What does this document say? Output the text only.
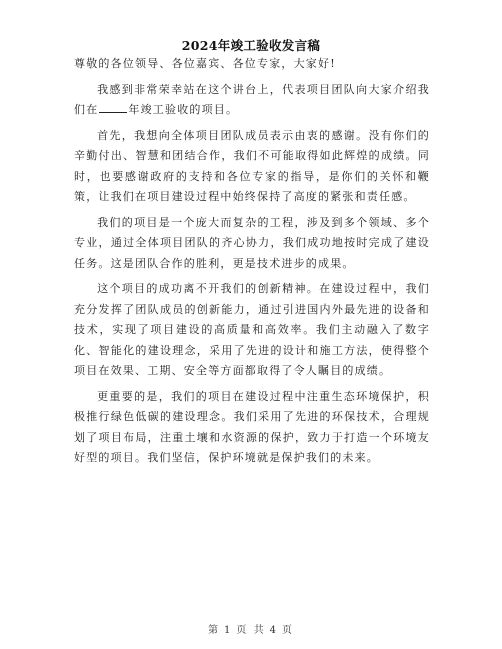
2024年竣工验收发言稿

尊敬的各位领导、各位嘉宾、各位专家，大家好!

我感到非常荣幸站在这个讲台上，代表项目团队向大家介绍我们在	年竣工验收的项目。

首先，我想向全体项目团队成员表示由衷的感谢。没有你们的辛勤付出、智慧和团结合作，我们不可能取得如此辉煌的成绩。同时，也要感谢政府的支持和各位专家的指导，是你们的关怀和鞭策，让我们在项目建设过程中始终保持了高度的紧张和责任感。

我们的项目是一个庞大而复杂的工程，涉及到多个领域、多个专业，通过全体项目团队的齐心协力，我们成功地按时完成了建设任务。这是团队合作的胜利，更是技术进步的成果。

这个项目的成功离不开我们的创新精神。在建设过程中，我们充分发挥了团队成员的创新能力，通过引进国内外最先进的设备和技术，实现了项目建设的高质量和高效率。我们主动融入了数字化、智能化的建设理念，采用了先进的设计和施工方法，使得整个项目在效果、工期、安全等方面都取得了令人瞩目的成绩。

更重要的是，我们的项目在建设过程中注重生态环境保护，积极推行绿色低碳的建设理念。我们采用了先进的环保技术，合理规划了项目布局，注重土壤和水资源的保护，致力于打造一个环境友好型的项目。我们坚信，保护环境就是保护我们的未来。

第 1 页 共 4 页
